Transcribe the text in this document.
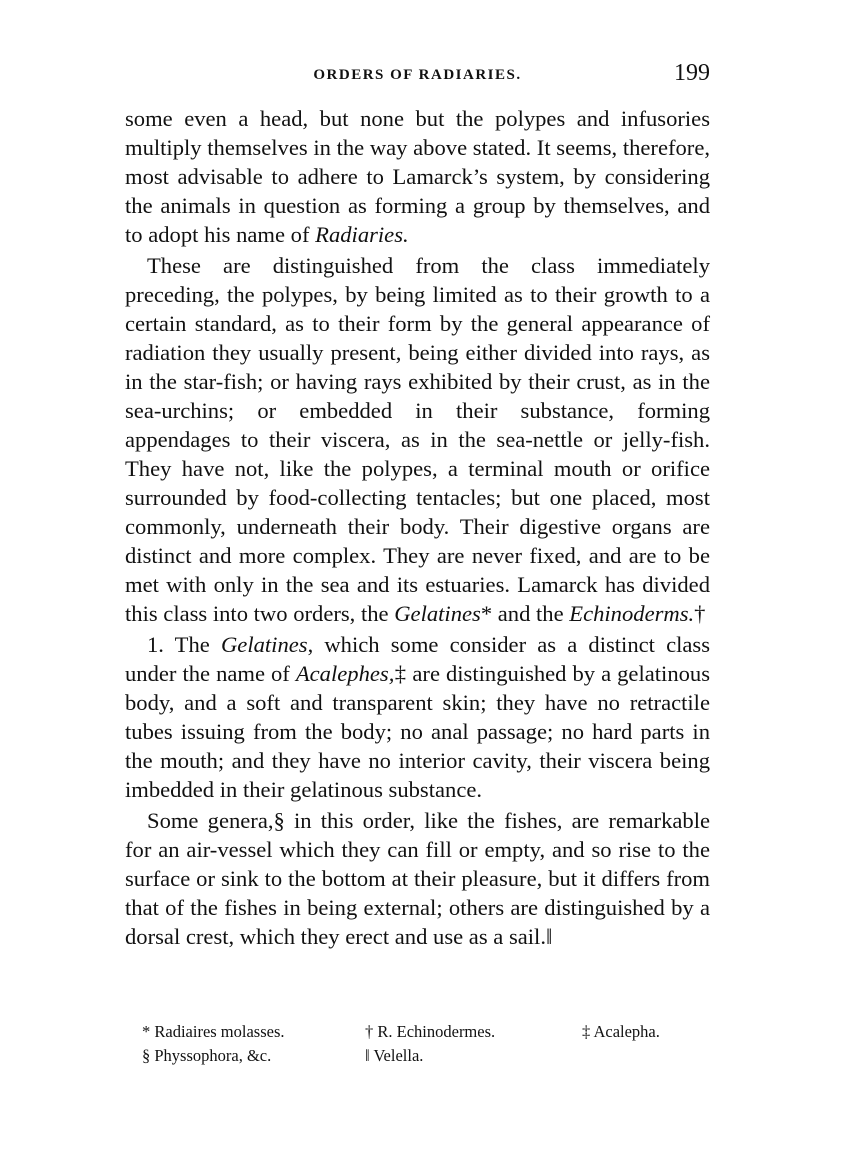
ORDERS OF RADIARIES.	199

some even a head, but none but the polypes and infusories multiply themselves in the way above stated. It seems, therefore, most advisable to adhere to Lamarck’s system, by considering the animals in question as forming a group by themselves, and to adopt his name of Radiaries.

These are distinguished from the class immediately preceding, the polypes, by being limited as to their growth to a certain standard, as to their form by the general appearance of radiation they usually present, being either divided into rays, as in the star-fish; or having rays exhibited by their crust, as in the sea-urchins; or embedded in their substance, forming appendages to their viscera, as in the sea-nettle or jelly-fish. They have not, like the polypes, a terminal mouth or orifice surrounded by food-collecting tentacles; but one placed, most commonly, underneath their body. Their digestive organs are distinct and more complex. They are never fixed, and are to be met with only in the sea and its estuaries. Lamarck has divided this class into two orders, the Gelatines* and the Echinoderms.†

1. The Gelatines, which some consider as a distinct class under the name of Acalephes,‡ are distinguished by a gelatinous body, and a soft and transparent skin; they have no retractile tubes issuing from the body; no anal passage; no hard parts in the mouth; and they have no interior cavity, their viscera being imbedded in their gelatinous substance.

Some genera,§ in this order, like the fishes, are remarkable for an air-vessel which they can fill or empty, and so rise to the surface or sink to the bottom at their pleasure, but it differs from that of the fishes in being external; others are distinguished by a dorsal crest, which they erect and use as a sail.‖

* Radiaires molasses.	† R. Echinodermes.	‡ Acalepha.
§ Physsophora, &c.	‖ Velella.
